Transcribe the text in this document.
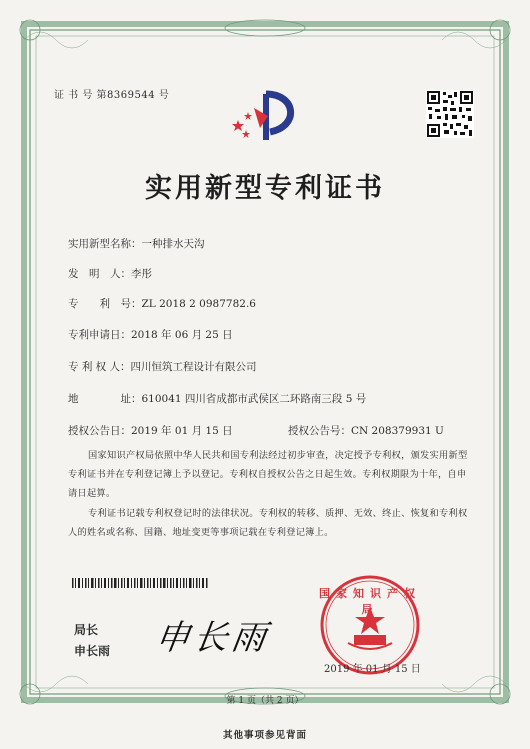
证 书 号 第8369544 号
实用新型专利证书
实用新型名称：一种排水天沟
发　明　人：李彤
专　　利　号：ZL 2018 2 0987782.6
专利申请日：2018 年 06 月 25 日
专 利 权 人：四川恒筑工程设计有限公司
地　　　　址：610041 四川省成都市武侯区二环路南三段 5 号
授权公告日：2019 年 01 月 15 日	授权公告号：CN 208379931 U
国家知识产权局依照中华人民共和国专利法经过初步审查，决定授予专利权，颁发实用新型专利证书并在专利登记簿上予以登记。专利权自授权公告之日起生效。专利权期限为十年，自申请日起算。
专利证书记载专利权登记时的法律状况。专利权的转移、质押、无效、终止、恢复和专利权人的姓名或名称、国籍、地址变更等事项记载在专利登记簿上。
局长
申长雨 申长雨
国家知识产权局
2019 年 01 月 15 日
第 1 页（共 2 页）
其他事项参见背面
